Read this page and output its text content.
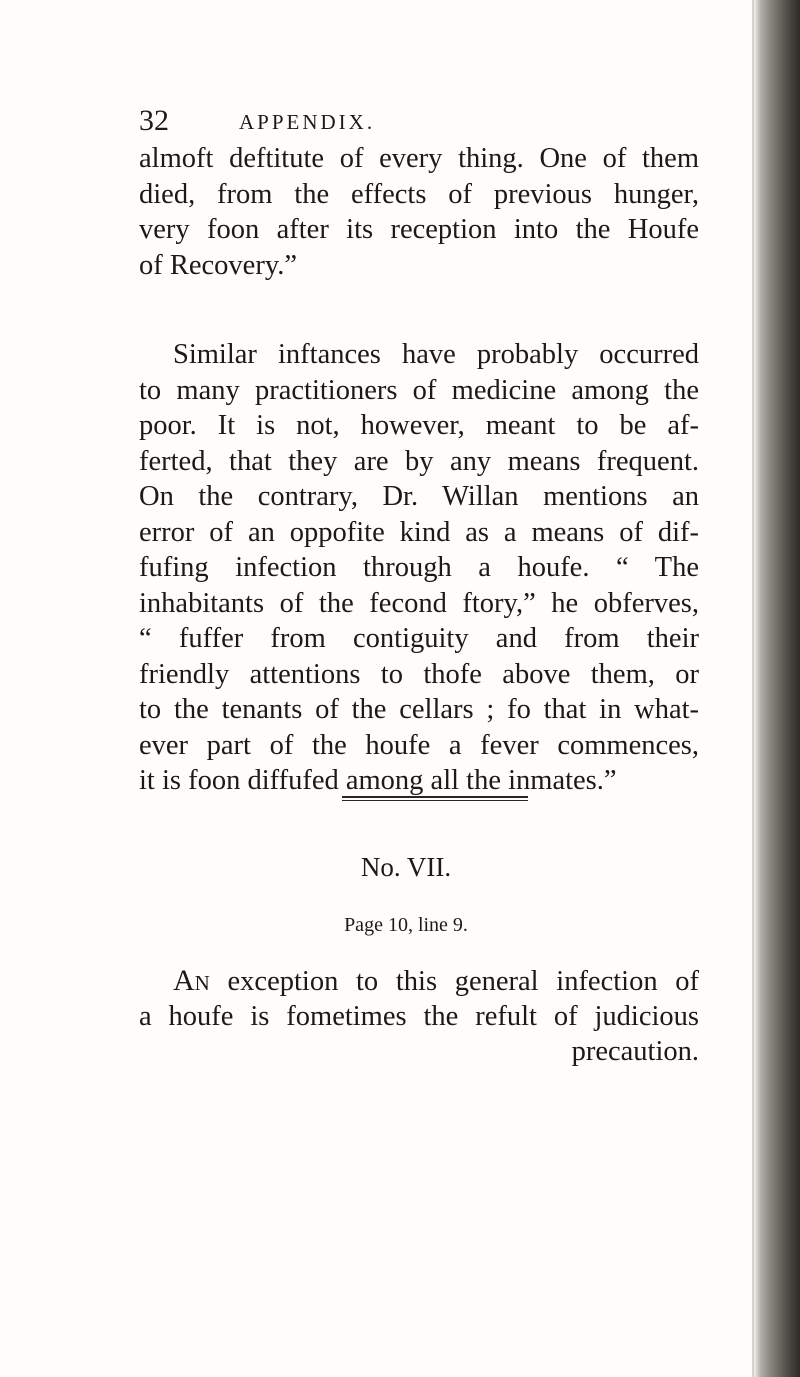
32	APPENDIX.
almoft deftitute of every thing. One of them
died, from the effects of previous hunger,
very foon after its reception into the Houfe
of Recovery.”
Similar inftances have probably occurred
to many practitioners of medicine among the
poor. It is not, however, meant to be af-
ferted, that they are by any means frequent.
On the contrary, Dr. Willan mentions an
error of an oppofite kind as a means of dif-
fufing infection through a houfe. “ The
inhabitants of the fecond ftory,” he obferves,
“ fuffer from contiguity and from their
friendly attentions to thofe above them, or
to the tenants of the cellars ; fo that in what-
ever part of the houfe a fever commences,
it is foon diffufed among all the inmates.”
No. VII.
Page 10, line 9.
An exception to this general infection of
a houfe is fometimes the refult of judicious
precaution.
